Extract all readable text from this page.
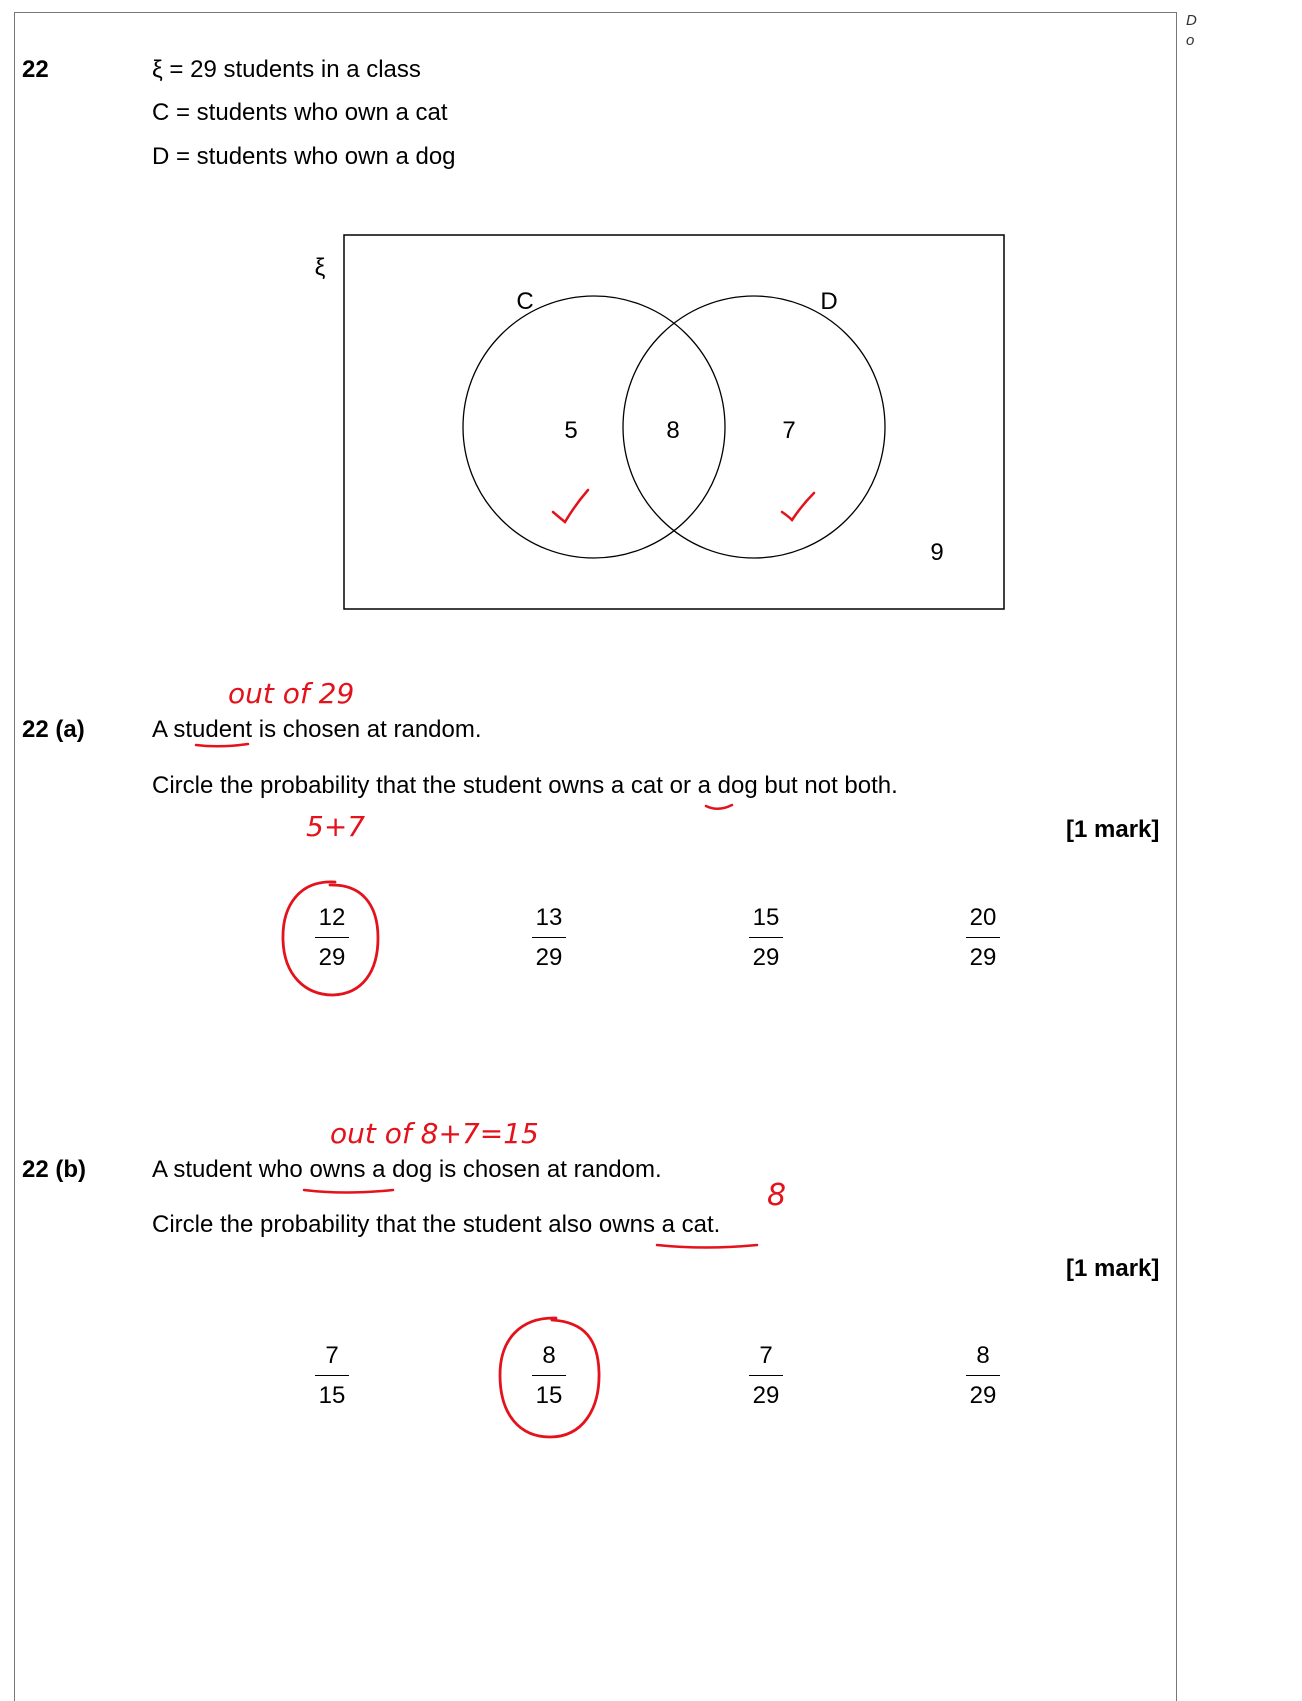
D
o
22	ξ = 29 students in a class
C = students who own a cat
D = students who own a dog
ξ
C	D
5	8	7
9
out of 29
5+7
out of 8+7=15
8
22 (a)	A student is chosen at random.
Circle the probability that the student owns a cat or a dog but not both.
[1 mark]
$\frac{12}{29}$	$\frac{13}{29}$	$\frac{15}{29}$	$\frac{20}{29}$
22 (b)	A student who owns a dog is chosen at random.
Circle the probability that the student also owns a cat.
[1 mark]
$\frac{7}{15}$	$\frac{8}{15}$	$\frac{7}{29}$	$\frac{8}{29}$
